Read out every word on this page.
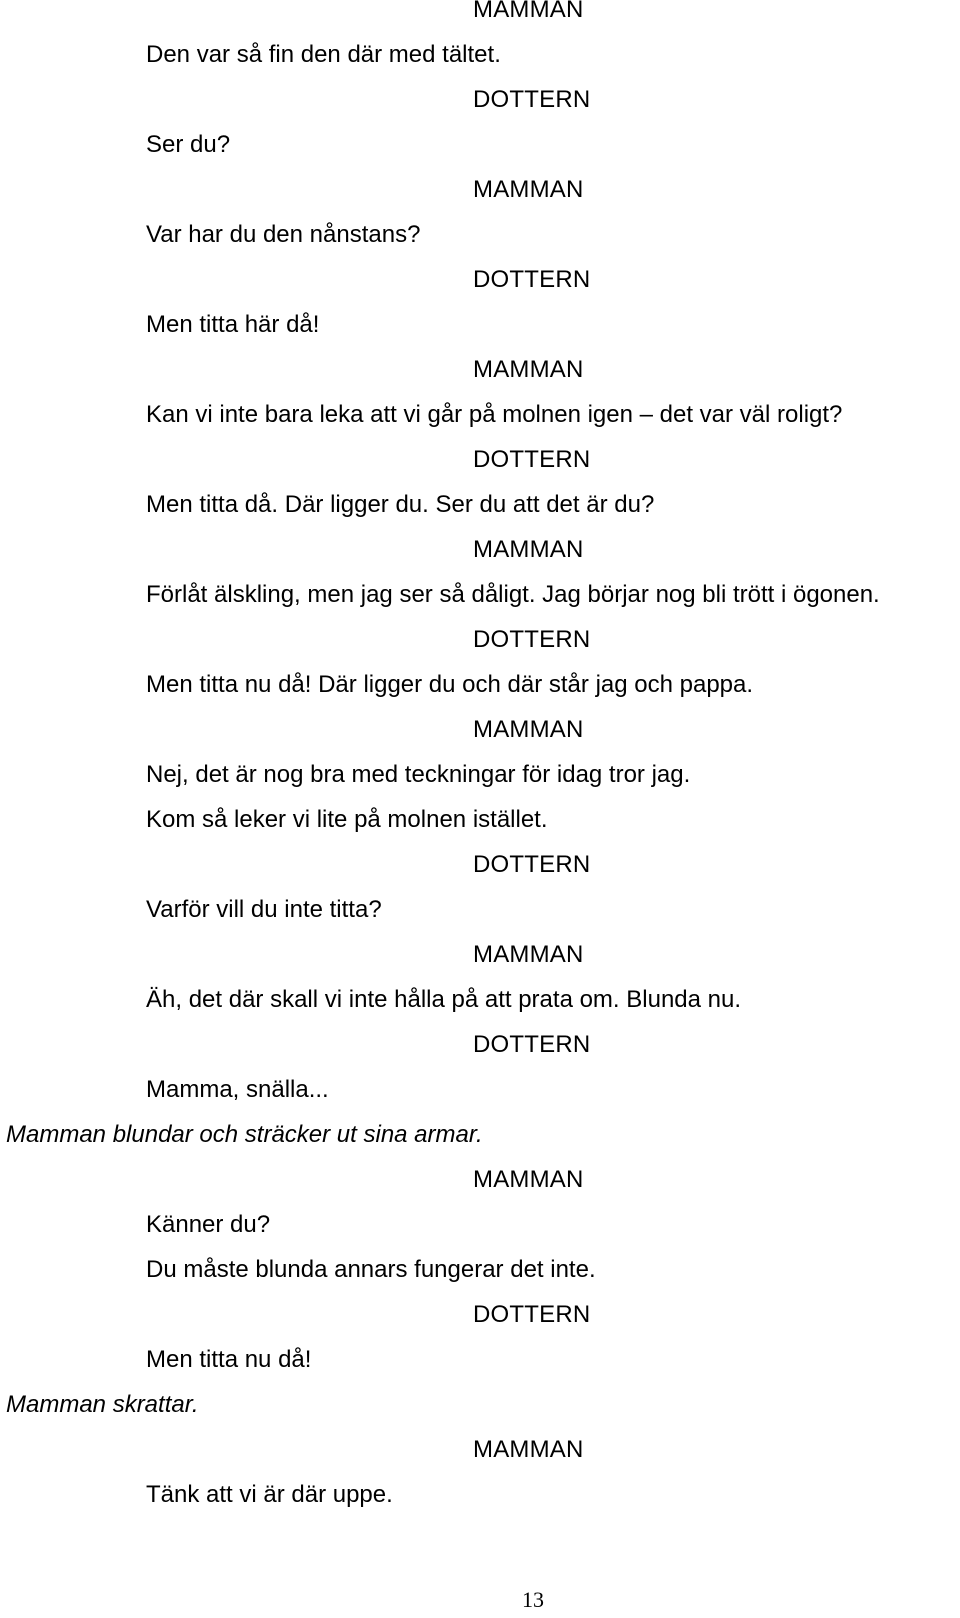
MAMMAN

Den var så fin den där med tältet.

DOTTERN

Ser du?

MAMMAN

Var har du den nånstans?

DOTTERN

Men titta här då!

MAMMAN

Kan vi inte bara leka att vi går på molnen igen – det var väl roligt?

DOTTERN

Men titta då. Där ligger du. Ser du att det är du?

MAMMAN

Förlåt älskling, men jag ser så dåligt. Jag börjar nog bli trött i ögonen.

DOTTERN

Men titta nu då! Där ligger du och där står jag och pappa.

MAMMAN

Nej, det är nog bra med teckningar för idag tror jag.

Kom så leker vi lite på molnen istället.

DOTTERN

Varför vill du inte titta?

MAMMAN

Äh, det där skall vi inte hålla på att prata om. Blunda nu.

DOTTERN

Mamma, snälla...

Mamman blundar och sträcker ut sina armar.

MAMMAN

Känner du?

Du måste blunda annars fungerar det inte.

DOTTERN

Men titta nu då!

Mamman skrattar.

MAMMAN

Tänk att vi är där uppe.

13
